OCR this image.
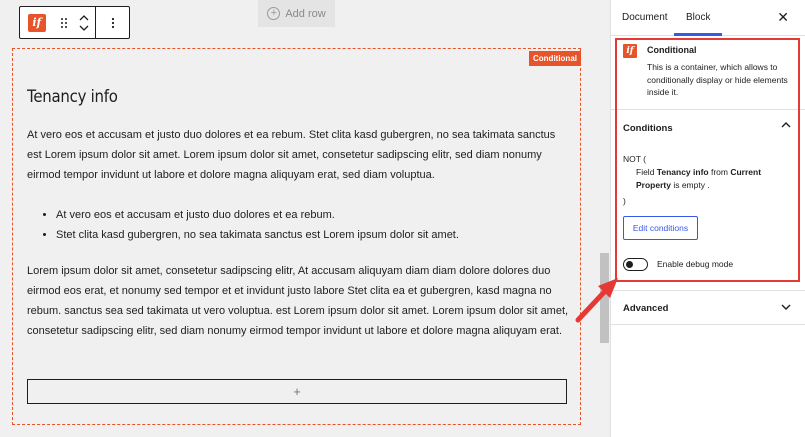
if
+ Add row
Conditional
Tenancy info

At vero eos et accusam et justo duo dolores et ea rebum. Stet clita kasd gubergren, no sea takimata sanctus est Lorem ipsum dolor sit amet. Lorem ipsum dolor sit amet, consetetur sadipscing elitr, sed diam nonumy eirmod tempor invidunt ut labore et dolore magna aliquyam erat, sed diam voluptua.

• At vero eos et accusam et justo duo dolores et ea rebum.
• Stet clita kasd gubergren, no sea takimata sanctus est Lorem ipsum dolor sit amet.

Lorem ipsum dolor sit amet, consetetur sadipscing elitr, At accusam aliquyam diam diam dolore dolores duo eirmod eos erat, et nonumy sed tempor et et invidunt justo labore Stet clita ea et gubergren, kasd magna no rebum. sanctus sea sed takimata ut vero voluptua. est Lorem ipsum dolor sit amet. Lorem ipsum dolor sit amet, consetetur sadipscing elitr, sed diam nonumy eirmod tempor invidunt ut labore et dolore magna aliquyam erat.

+
Document Block	✕
if	Conditional
This is a container, which allows to conditionally display or hide elements inside it.
Conditions
NOT (
Field Tenancy info from Current Property is empty .
)
Edit conditions
Enable debug mode
Advanced
